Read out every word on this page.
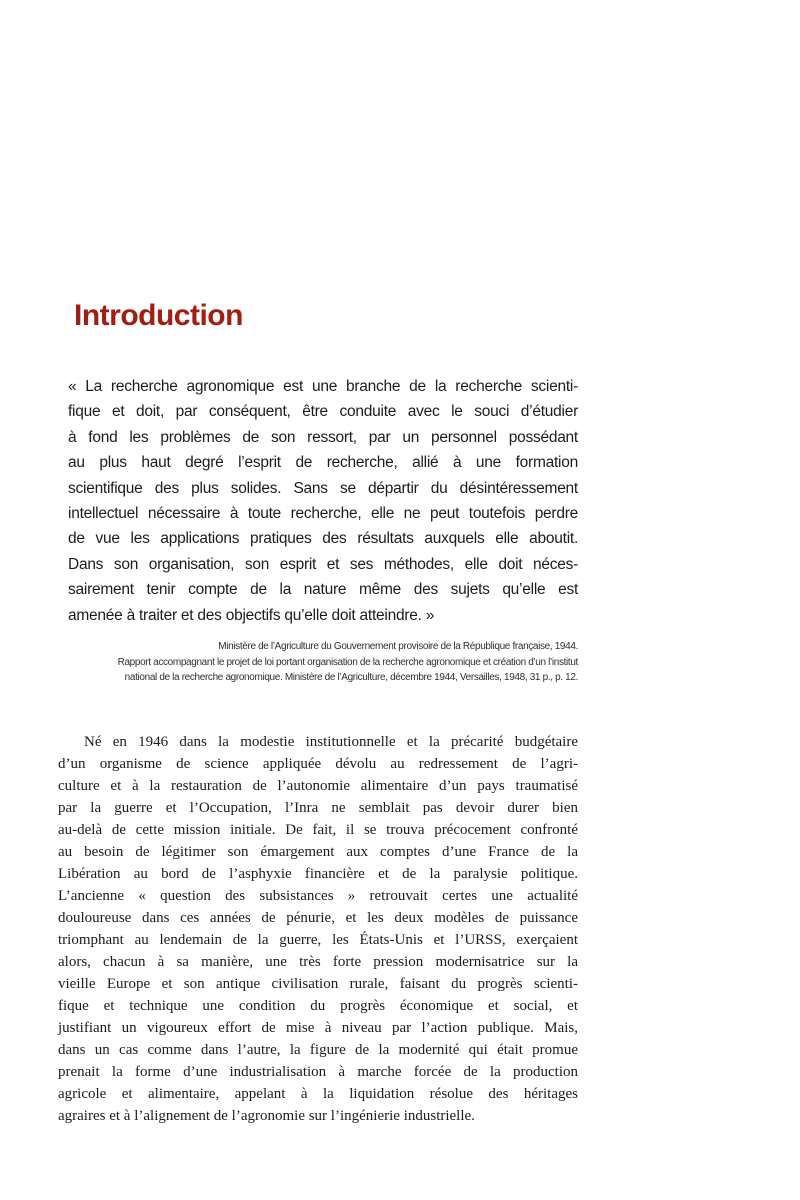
Introduction
« La recherche agronomique est une branche de la recherche scienti-
fique et doit, par conséquent, être conduite avec le souci d’étudier
à fond les problèmes de son ressort, par un personnel possédant
au plus haut degré l’esprit de recherche, allié à une formation
scientifique des plus solides. Sans se départir du désintéressement
intellectuel nécessaire à toute recherche, elle ne peut toutefois perdre
de vue les applications pratiques des résultats auxquels elle aboutit.
Dans son organisation, son esprit et ses méthodes, elle doit néces-
sairement tenir compte de la nature même des sujets qu’elle est
amenée à traiter et des objectifs qu’elle doit atteindre. »
Ministère de l’Agriculture du Gouvernement provisoire de la République française, 1944.
Rapport accompagnant le projet de loi portant organisation de la recherche agronomique et création d’un l’institut
national de la recherche agronomique. Ministère de l’Agriculture, décembre 1944, Versailles, 1948, 31 p., p. 12.
Né en 1946 dans la modestie institutionnelle et la précarité budgétaire
d’un organisme de science appliquée dévolu au redressement de l’agri-
culture et à la restauration de l’autonomie alimentaire d’un pays traumatisé
par la guerre et l’Occupation, l’Inra ne semblait pas devoir durer bien
au-delà de cette mission initiale. De fait, il se trouva précocement confronté
au besoin de légitimer son émargement aux comptes d’une France de la
Libération au bord de l’asphyxie financière et de la paralysie politique.
L’ancienne « question des subsistances » retrouvait certes une actualité
douloureuse dans ces années de pénurie, et les deux modèles de puissance
triomphant au lendemain de la guerre, les États-Unis et l’URSS, exerçaient
alors, chacun à sa manière, une très forte pression modernisatrice sur la
vieille Europe et son antique civilisation rurale, faisant du progrès scienti-
fique et technique une condition du progrès économique et social, et
justifiant un vigoureux effort de mise à niveau par l’action publique. Mais,
dans un cas comme dans l’autre, la figure de la modernité qui était promue
prenait la forme d’une industrialisation à marche forcée de la production
agricole et alimentaire, appelant à la liquidation résolue des héritages
agraires et à l’alignement de l’agronomie sur l’ingénierie industrielle.
